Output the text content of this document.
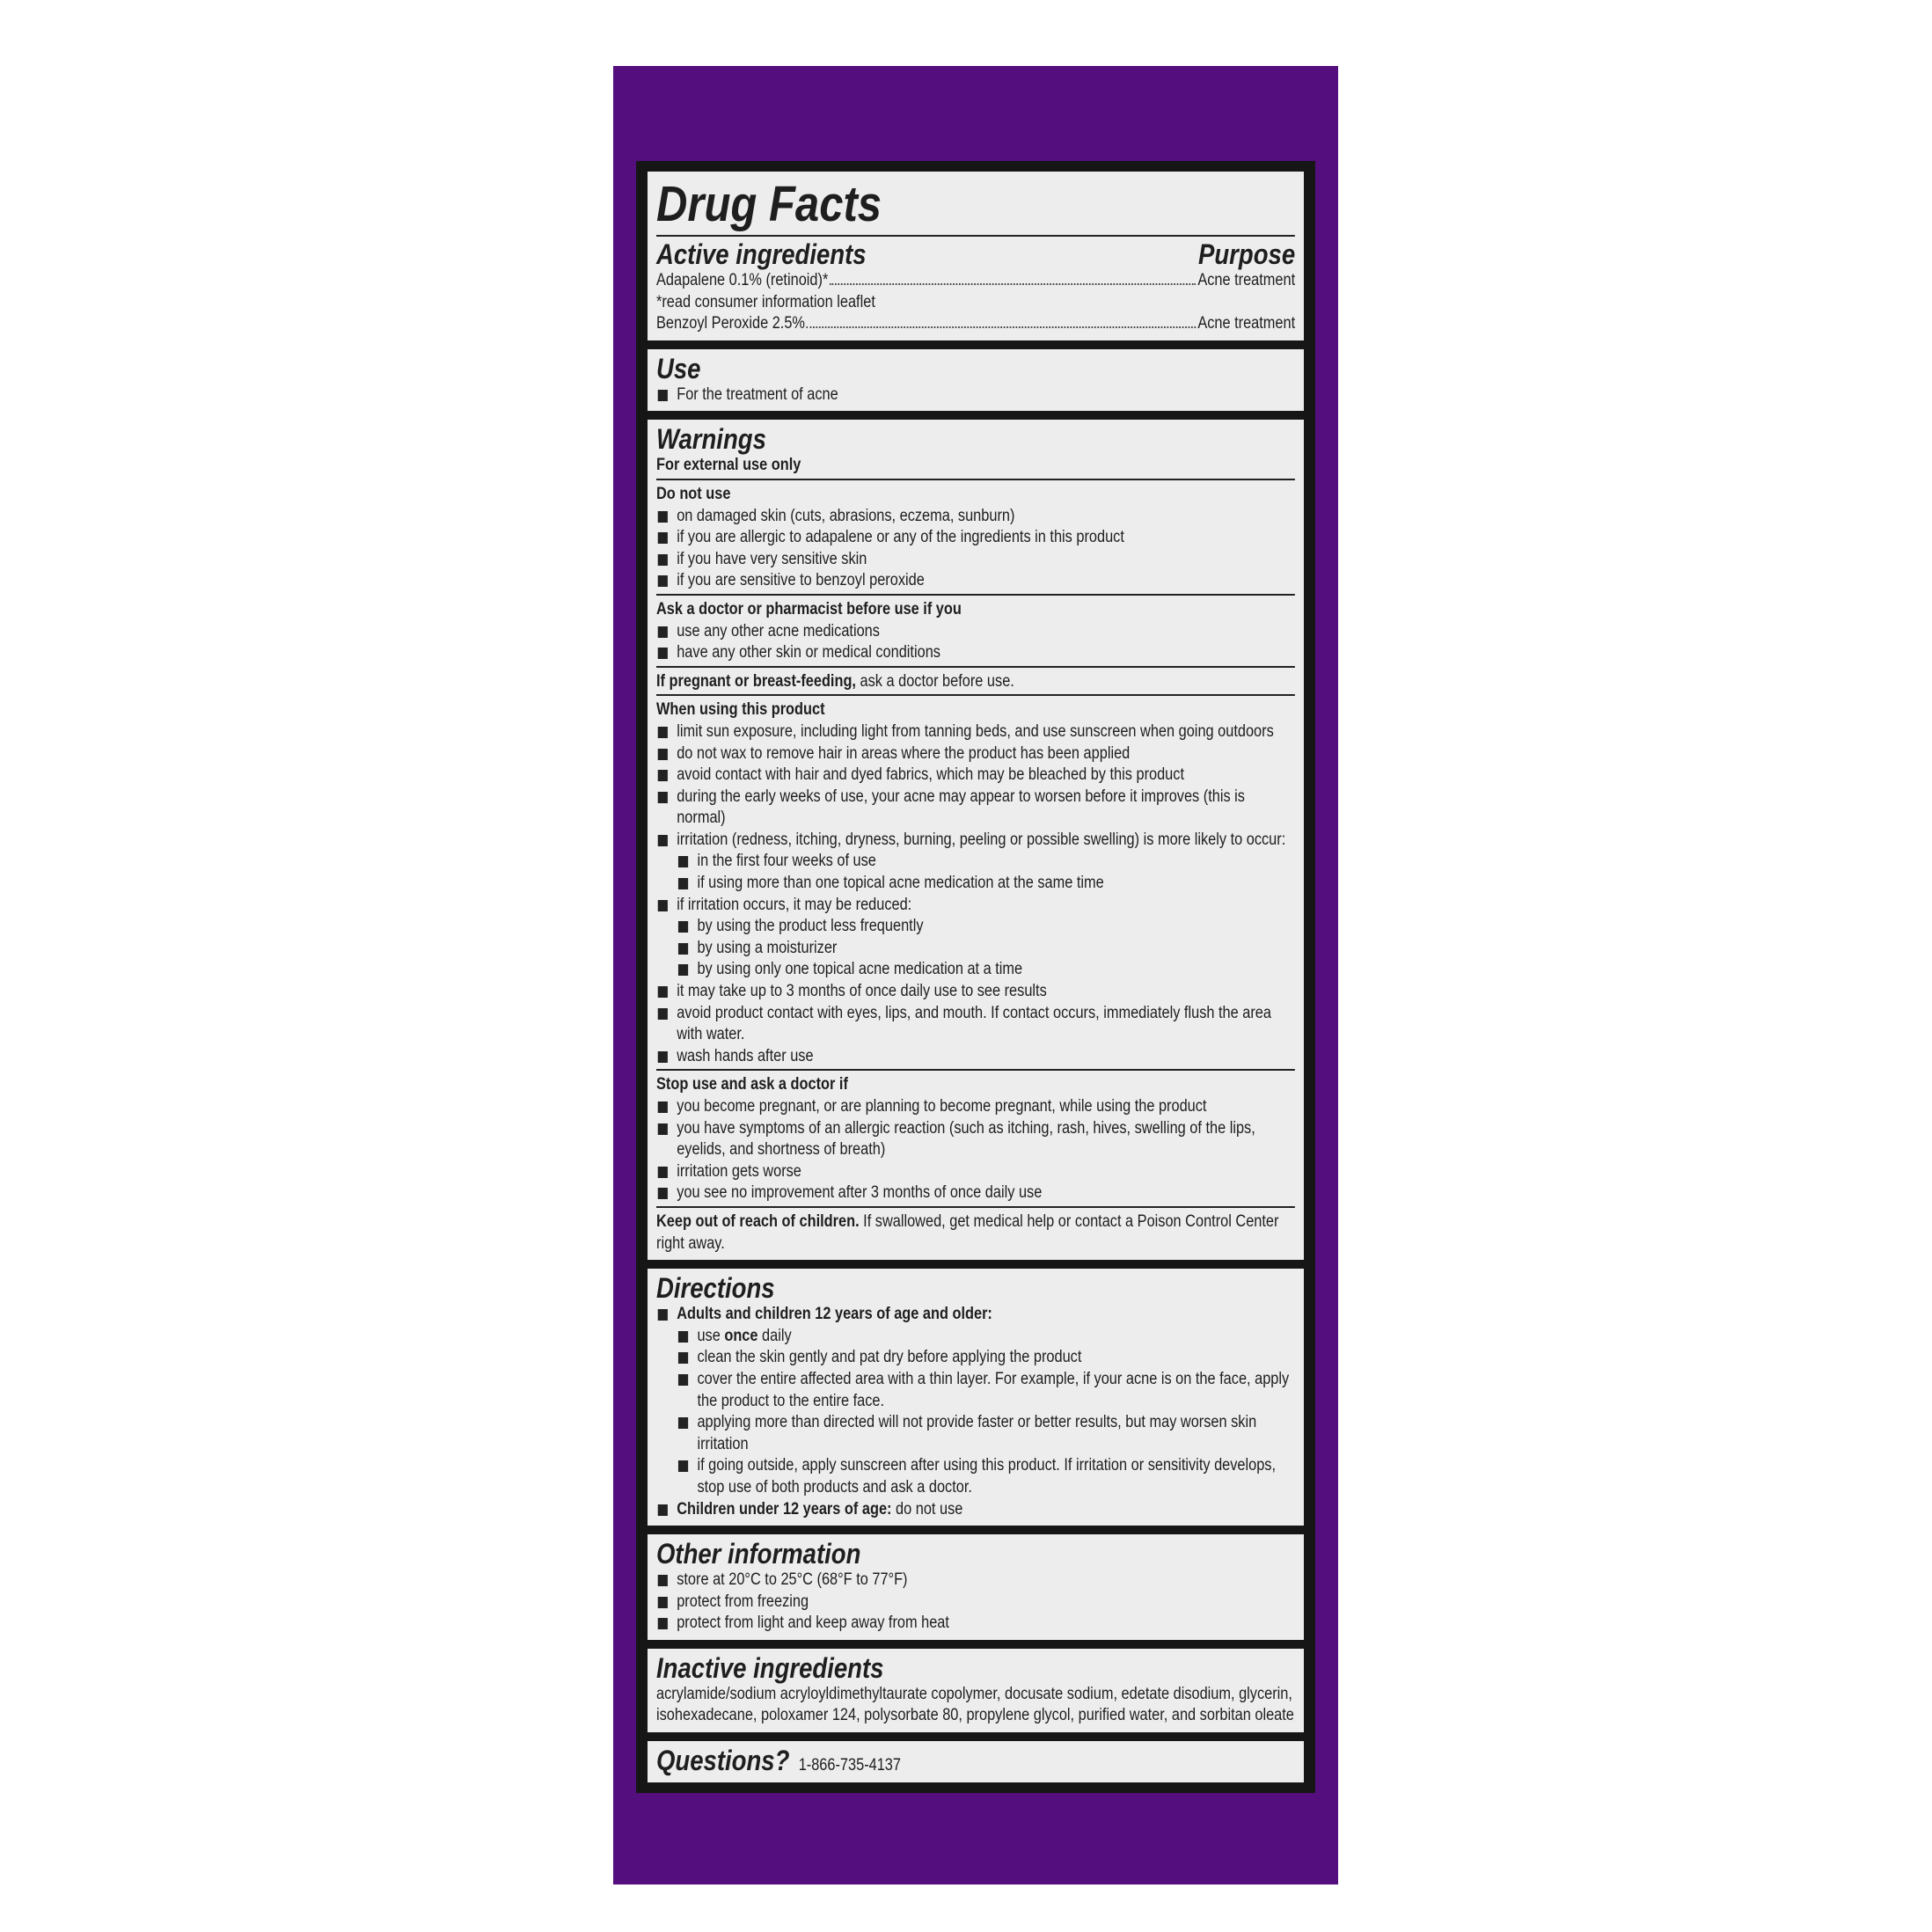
Drug Facts
Active ingredients	Purpose
Adapalene 0.1% (retinoid)*	Acne treatment
*read consumer information leaflet
Benzoyl Peroxide 2.5%	Acne treatment
Use
For the treatment of acne
Warnings
For external use only
Do not use
on damaged skin (cuts, abrasions, eczema, sunburn)
if you are allergic to adapalene or any of the ingredients in this product
if you have very sensitive skin
if you are sensitive to benzoyl peroxide
Ask a doctor or pharmacist before use if you
use any other acne medications
have any other skin or medical conditions
If pregnant or breast-feeding, ask a doctor before use.
When using this product
limit sun exposure, including light from tanning beds, and use sunscreen when going outdoors
do not wax to remove hair in areas where the product has been applied
avoid contact with hair and dyed fabrics, which may be bleached by this product
during the early weeks of use, your acne may appear to worsen before it improves (this is normal)
irritation (redness, itching, dryness, burning, peeling or possible swelling) is more likely to occur:
in the first four weeks of use
if using more than one topical acne medication at the same time
if irritation occurs, it may be reduced:
by using the product less frequently
by using a moisturizer
by using only one topical acne medication at a time
it may take up to 3 months of once daily use to see results
avoid product contact with eyes, lips, and mouth. If contact occurs, immediately flush the area with water.
wash hands after use
Stop use and ask a doctor if
you become pregnant, or are planning to become pregnant, while using the product
you have symptoms of an allergic reaction (such as itching, rash, hives, swelling of the lips, eyelids, and shortness of breath)
irritation gets worse
you see no improvement after 3 months of once daily use
Keep out of reach of children. If swallowed, get medical help or contact a Poison Control Center right away.
Directions
Adults and children 12 years of age and older:
use once daily
clean the skin gently and pat dry before applying the product
cover the entire affected area with a thin layer. For example, if your acne is on the face, apply the product to the entire face.
applying more than directed will not provide faster or better results, but may worsen skin irritation
if going outside, apply sunscreen after using this product. If irritation or sensitivity develops, stop use of both products and ask a doctor.
Children under 12 years of age: do not use
Other information
store at 20°C to 25°C (68°F to 77°F)
protect from freezing
protect from light and keep away from heat
Inactive ingredients
acrylamide/sodium acryloyldimethyltaurate copolymer, docusate sodium, edetate disodium, glycerin, isohexadecane, poloxamer 124, polysorbate 80, propylene glycol, purified water, and sorbitan oleate
Questions? 1-866-735-4137
